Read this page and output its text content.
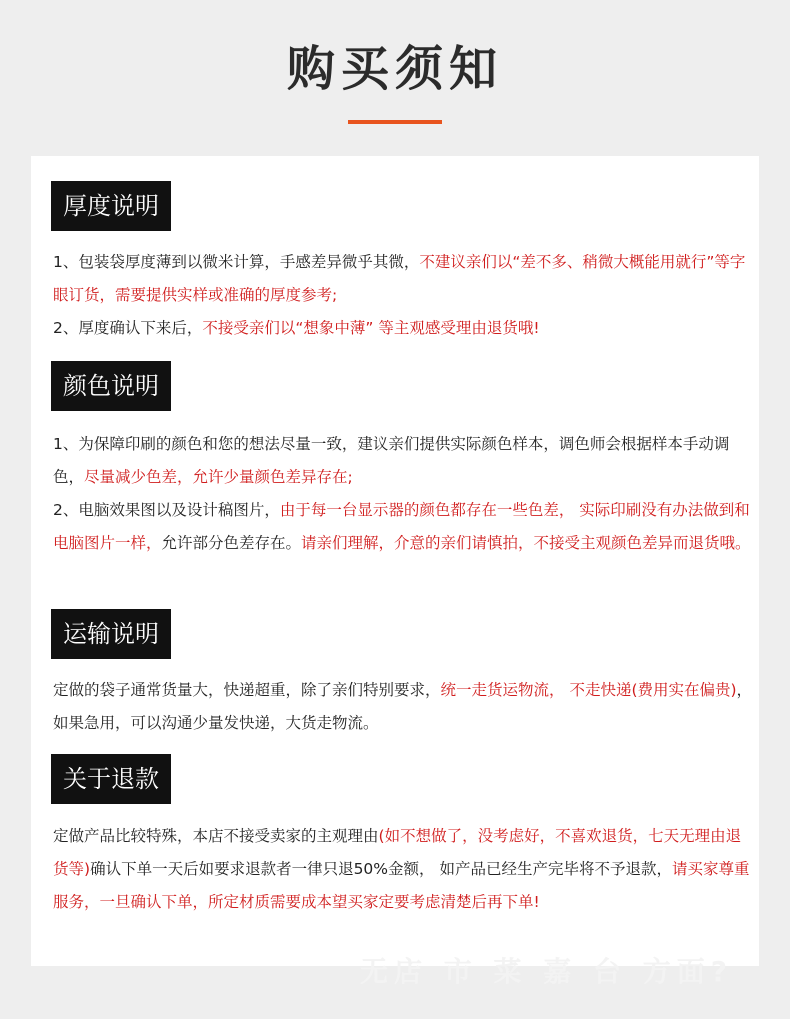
购买须知
厚度说明

1、包装袋厚度薄到以微米计算，手感差异微乎其微，不建议亲们以“差不多、稍微大概能用就行”等字眼订货，需要提供实样或准确的厚度参考;

2、厚度确认下来后，不接受亲们以“想象中薄” 等主观感受理由退货哦!

颜色说明

1、为保障印刷的颜色和您的想法尽量一致，建议亲们提供实际颜色样本，调色师会根据样本手动调色，尽量减少色差，允许少量颜色差异存在;

2、电脑效果图以及设计稿图片，由于每一台显示器的颜色都存在一些色差， 实际印刷没有办法做到和电脑图片一样，允许部分色差存在。请亲们理解，介意的亲们请慎拍，不接受主观颜色差异而退货哦。

运输说明

定做的袋子通常货量大，快递超重，除了亲们特别要求，统一走货运物流， 不走快递(费用实在偏贵)，如果急用，可以沟通少量发快递，大货走物流。

关于退款

定做产品比较特殊，本店不接受卖家的主观理由(如不想做了，没考虑好，不喜欢退货，七天无理由退货等)确认下单一天后如要求退款者一律只退50%金额， 如产品已经生产完毕将不予退款，请买家尊重服务，一旦确认下单，所定材质需要成本望买家定要考虑清楚后再下单!

无店 市 菜 嘉 台 方面?
